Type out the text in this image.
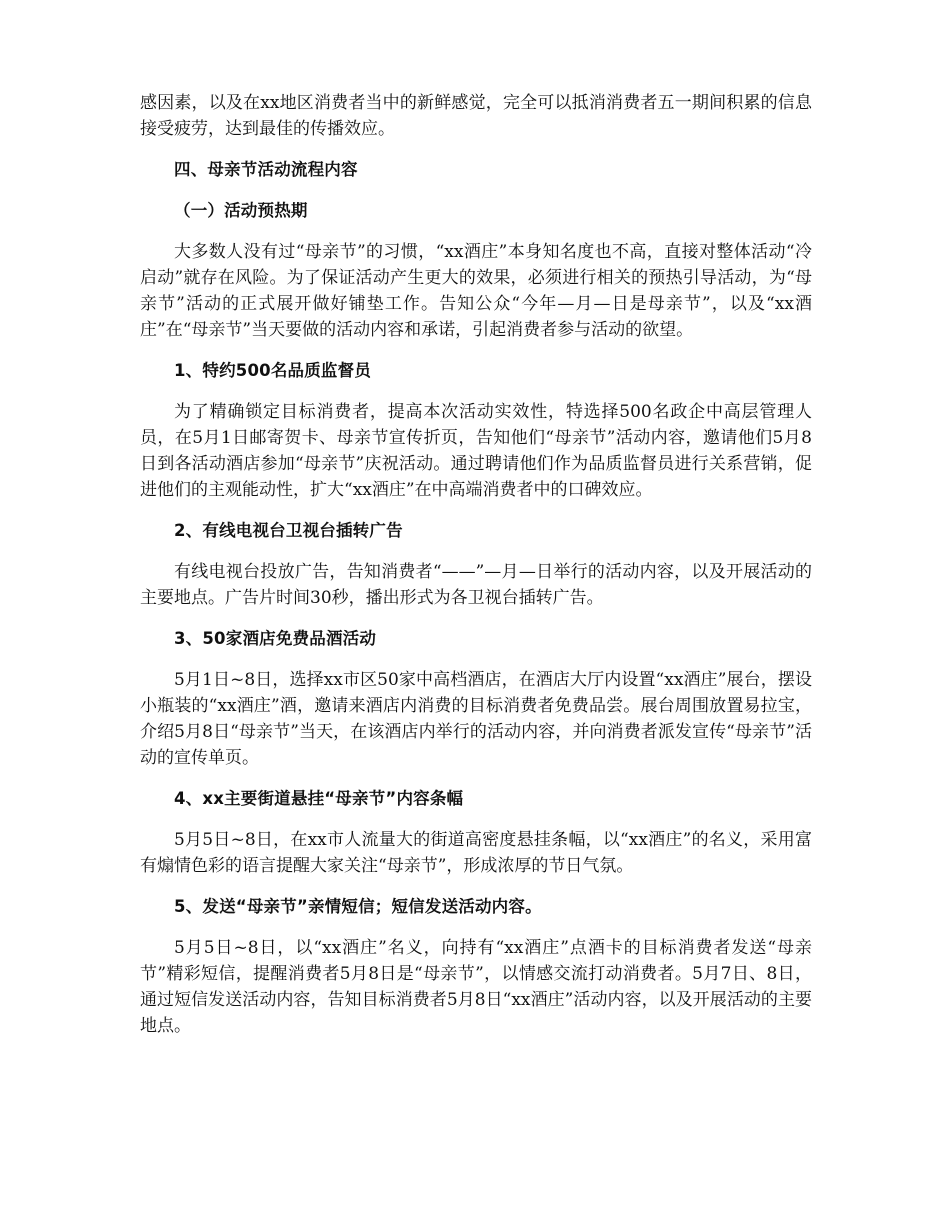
感因素，以及在xx地区消费者当中的新鲜感觉，完全可以抵消消费者五一期间积累的信息接受疲劳，达到最佳的传播效应。

四、母亲节活动流程内容
（一）活动预热期

大多数人没有过“母亲节”的习惯，“xx酒庄”本身知名度也不高，直接对整体活动“冷启动”就存在风险。为了保证活动产生更大的效果，必须进行相关的预热引导活动，为“母亲节”活动的正式展开做好铺垫工作。告知公众“今年—月—日是母亲节”，以及“xx酒庄”在“母亲节”当天要做的活动内容和承诺，引起消费者参与活动的欲望。

1、特约500名品质监督员

为了精确锁定目标消费者，提高本次活动实效性，特选择500名政企中高层管理人员，在5月1日邮寄贺卡、母亲节宣传折页，告知他们“母亲节”活动内容，邀请他们5月8日到各活动酒店参加“母亲节”庆祝活动。通过聘请他们作为品质监督员进行关系营销，促进他们的主观能动性，扩大“xx酒庄”在中高端消费者中的口碑效应。

2、有线电视台卫视台插转广告

有线电视台投放广告，告知消费者“——”—月—日举行的活动内容，以及开展活动的主要地点。广告片时间30秒，播出形式为各卫视台插转广告。

3、50家酒店免费品酒活动

5月1日~8日，选择xx市区50家中高档酒店，在酒店大厅内设置“xx酒庄”展台，摆设小瓶装的“xx酒庄”酒，邀请来酒店内消费的目标消费者免费品尝。展台周围放置易拉宝，介绍5月8日“母亲节”当天，在该酒店内举行的活动内容，并向消费者派发宣传“母亲节”活动的宣传单页。

4、xx主要街道悬挂“母亲节”内容条幅

5月5日~8日，在xx市人流量大的街道高密度悬挂条幅，以“xx酒庄”的名义，采用富有煽情色彩的语言提醒大家关注“母亲节”，形成浓厚的节日气氛。

5、发送“母亲节”亲情短信；短信发送活动内容。

5月5日~8日，以“xx酒庄”名义，向持有“xx酒庄”点酒卡的目标消费者发送“母亲节”精彩短信，提醒消费者5月8日是“母亲节”，以情感交流打动消费者。5月7日、8日，通过短信发送活动内容，告知目标消费者5月8日“xx酒庄”活动内容，以及开展活动的主要地点。
